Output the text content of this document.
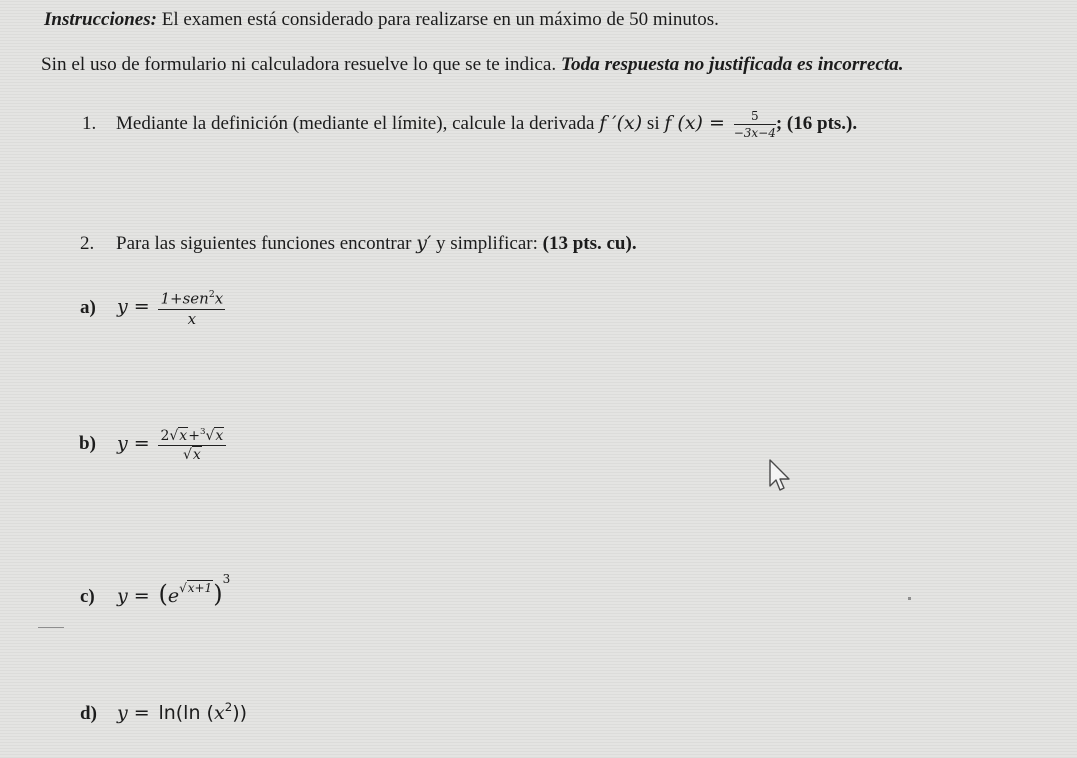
Instrucciones: El examen está considerado para realizarse en un máximo de 50 minutos.
Sin el uso de formulario ni calculadora resuelve lo que se te indica. Toda respuesta no justificada es incorrecta.
1. Mediante la definición (mediante el límite), calcule la derivada f ′(x) si f $(x) = \frac{5}{-3x-4}$ ; (16 pts.).
2. Para las siguientes funciones encontrar y′ y simplificar: (13 pts. cu).
a) $y = \frac{1+sen^2x}{x}$
b) $y = \frac{2√x+^3√x}{√x}$
c) $y = (e^{√x+1})^3$
d) y = ln(ln $(x^2)$)
